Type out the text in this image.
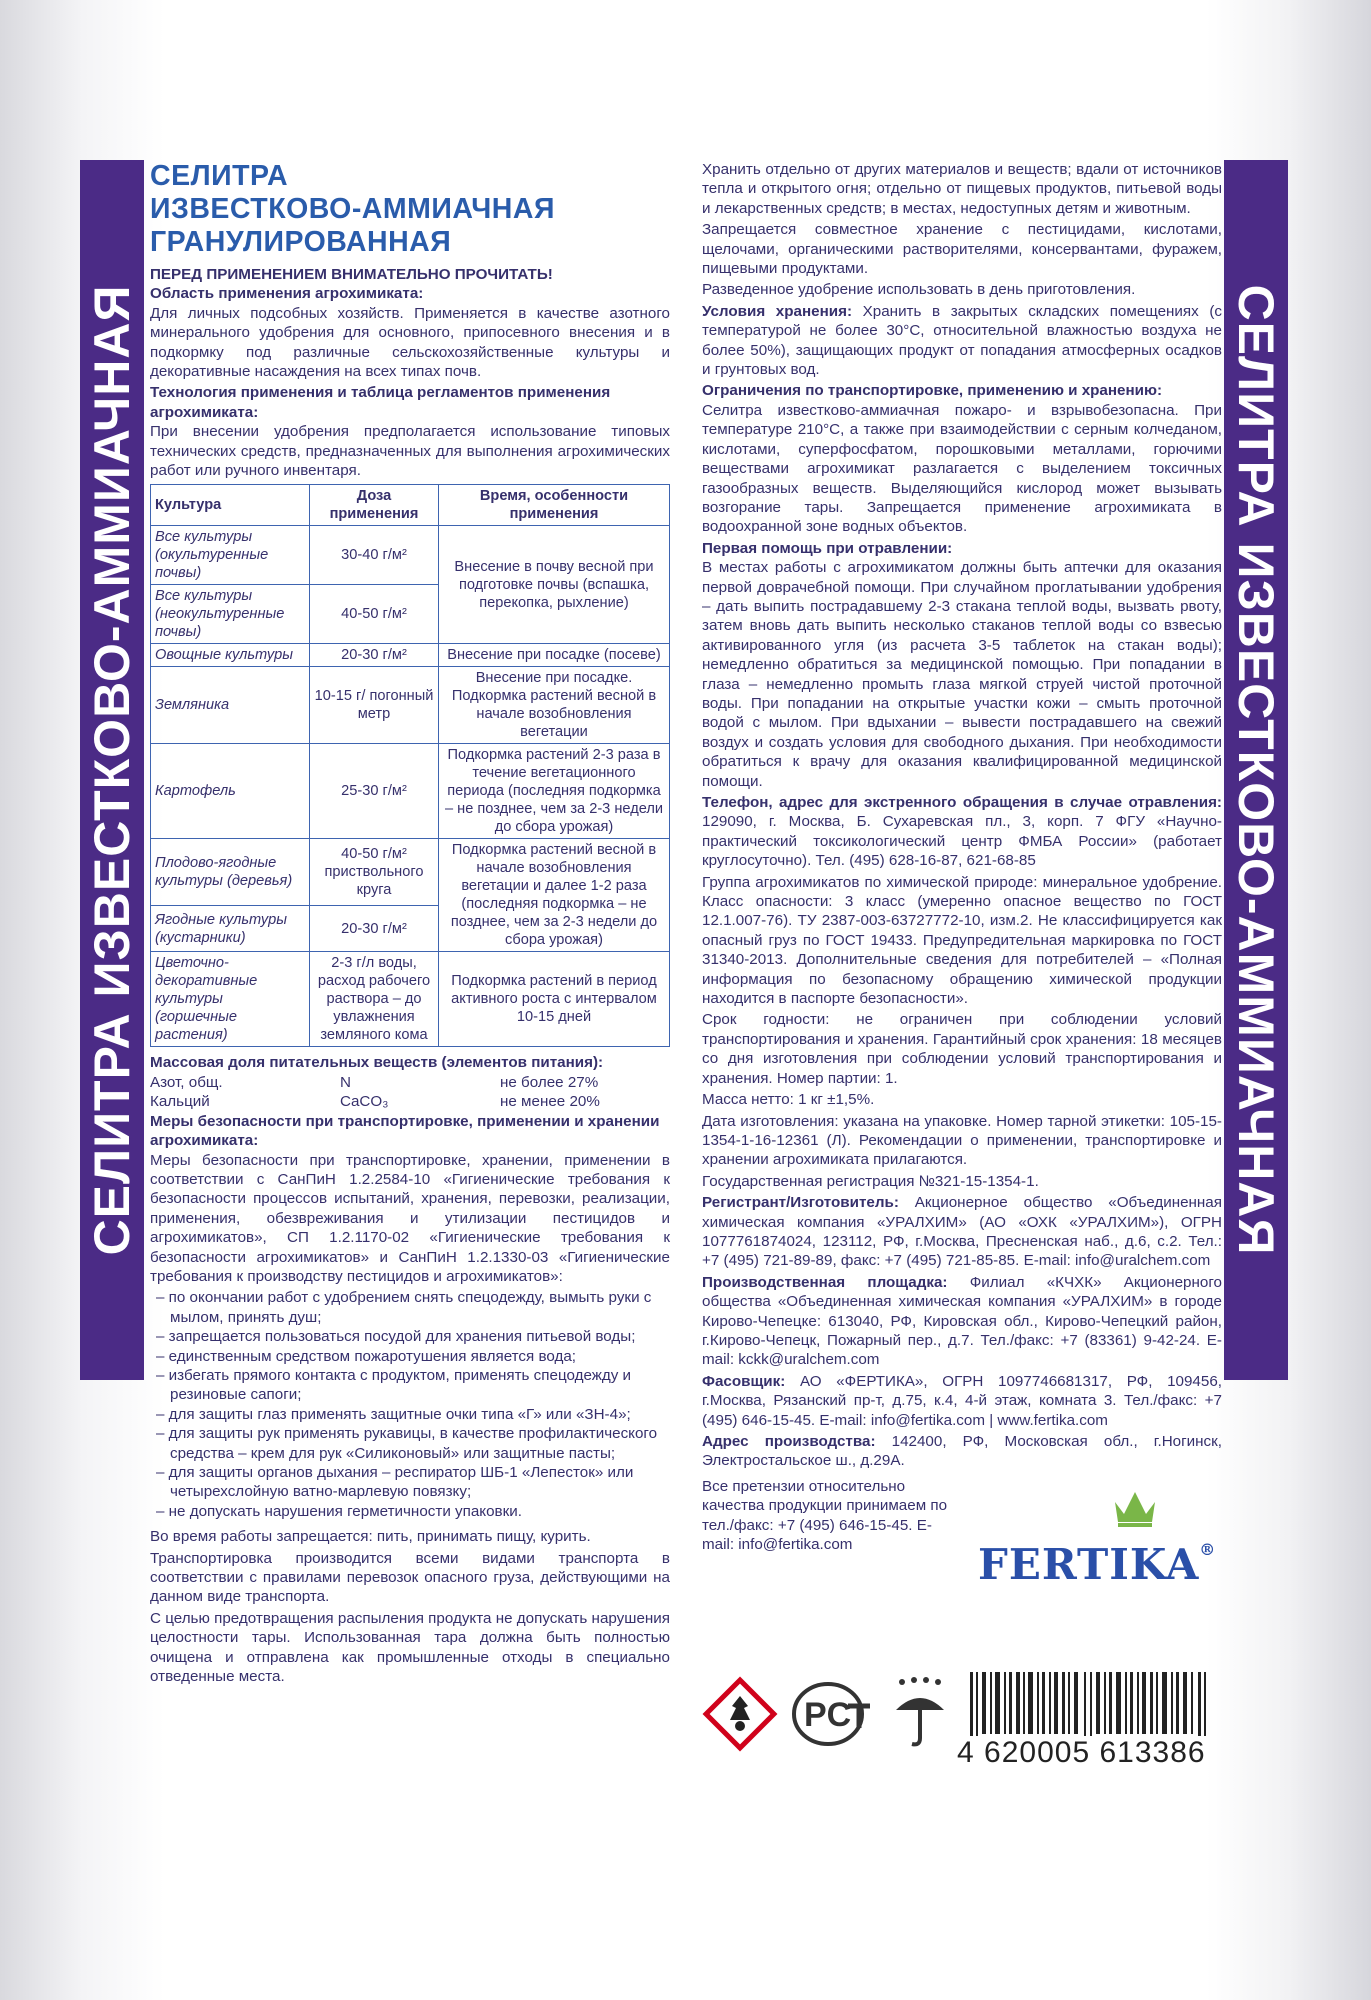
СЕЛИТРА ИЗВЕСТКОВО-АММИАЧНАЯ	СЕЛИТРА ИЗВЕСТКОВО-АММИАЧНАЯ
СЕЛИТРА
ИЗВЕСТКОВО-АММИАЧНАЯ
ГРАНУЛИРОВАННАЯ
ПЕРЕД ПРИМЕНЕНИЕМ ВНИМАТЕЛЬНО ПРОЧИТАТЬ!
Область применения агрохимиката:

Для личных подсобных хозяйств. Применяется в качестве азотного минерального удобрения для основного, припосевного внесения и в подкормку под различные сельскохозяйственные культуры и декоративные насаждения на всех типах почв.

Технология применения и таблица регламентов применения агрохимиката:

При внесении удобрения предполагается использование типовых технических средств, предназначенных для выполнения агрохимических работ или ручного инвентаря.

Культура	Доза применения	Время, особенности применения
Все культуры (окультуренные почвы)	30-40 г/м²	Внесение в почву весной при подготовке почвы (вспашка, перекопка, рыхление)
Все культуры (неокультуренные почвы)	40-50 г/м²	
Овощные культуры	20-30 г/м²	Внесение при посадке (посеве)
Земляника	10-15 г/ погонный метр	Внесение при посадке. Подкормка растений весной в начале возобновления вегетации
Картофель	25-30 г/м²	Подкормка растений 2-3 раза в течение вегетационного периода (последняя подкормка – не позднее, чем за 2-3 недели до сбора урожая)
Плодово-ягодные культуры (деревья)	40-50 г/м² приствольного круга	Подкормка растений весной в начале возобновления вегетации и далее 1-2 раза (последняя подкормка – не позднее, чем за 2-3 недели до сбора урожая)
Ягодные культуры (кустарники)	20-30 г/м²	
Цветочно-декоративные культуры (горшечные растения)	2-3 г/л воды, расход рабочего раствора – до увлажнения земляного кома	Подкормка растений в период активного роста с интервалом 10-15 дней
Массовая доля питательных веществ (элементов питания):
Азот, общ.	N	не более 27%
Кальций	CaCO₃	не менее 20%
Меры безопасности при транспортировке, применении и хранении агрохимиката:

Меры безопасности при транспортировке, хранении, применении в соответствии с СанПиН 1.2.2584-10 «Гигиенические требования к безопасности процессов испытаний, хранения, перевозки, реализации, применения, обезвреживания и утилизации пестицидов и агрохимикатов», СП 1.2.1170-02 «Гигиенические требования к безопасности агрохимикатов» и СанПиН 1.2.1330-03 «Гигиенические требования к производству пестицидов и агрохимикатов»:

– по окончании работ с удобрением снять спецодежду, вымыть руки с мылом, принять душ;
– запрещается пользоваться посудой для хранения питьевой воды;
– единственным средством пожаротушения является вода;
– избегать прямого контакта с продуктом, применять спецодежду и резиновые сапоги;
– для защиты глаз применять защитные очки типа «Г» или «ЗН-4»;
– для защиты рук применять рукавицы, в качестве профилактического средства – крем для рук «Силиконовый» или защитные пасты;
– для защиты органов дыхания – респиратор ШБ-1 «Лепесток» или четырехслойную ватно-марлевую повязку;
– не допускать нарушения герметичности упаковки.

Во время работы запрещается: пить, принимать пищу, курить.

Транспортировка производится всеми видами транспорта в соответствии с правилами перевозок опасного груза, действующими на данном виде транспорта.

С целью предотвращения распыления продукта не допускать нарушения целостности тары. Использованная тара должна быть полностью очищена и отправлена как промышленные отходы в специально отведенные места.

Хранить отдельно от других материалов и веществ; вдали от источников тепла и открытого огня; отдельно от пищевых продуктов, питьевой воды и лекарственных средств; в местах, недоступных детям и животным.

Запрещается совместное хранение с пестицидами, кислотами, щелочами, органическими растворителями, консервантами, фуражем, пищевыми продуктами.

Разведенное удобрение использовать в день приготовления.

Условия хранения: Хранить в закрытых складских помещениях (с температурой не более 30°С, относительной влажностью воздуха не более 50%), защищающих продукт от попадания атмосферных осадков и грунтовых вод.

Ограничения по транспортировке, применению и хранению:

Селитра известково-аммиачная пожаро- и взрывобезопасна. При температуре 210°С, а также при взаимодействии с серным колчеданом, кислотами, суперфосфатом, порошковыми металлами, горючими веществами агрохимикат разлагается с выделением токсичных газообразных веществ. Выделяющийся кислород может вызывать возгорание тары. Запрещается применение агрохимиката в водоохранной зоне водных объектов.

Первая помощь при отравлении:

В местах работы с агрохимикатом должны быть аптечки для оказания первой доврачебной помощи. При случайном проглатывании удобрения – дать выпить пострадавшему 2-3 стакана теплой воды, вызвать рвоту, затем вновь дать выпить несколько стаканов теплой воды со взвесью активированного угля (из расчета 3-5 таблеток на стакан воды); немедленно обратиться за медицинской помощью. При попадании в глаза – немедленно промыть глаза мягкой струей чистой проточной воды. При попадании на открытые участки кожи – смыть проточной водой с мылом. При вдыхании – вывести пострадавшего на свежий воздух и создать условия для свободного дыхания. При необходимости обратиться к врачу для оказания квалифицированной медицинской помощи.

Телефон, адрес для экстренного обращения в случае отравления: 129090, г. Москва, Б. Сухаревская пл., 3, корп. 7 ФГУ «Научно-практический токсикологический центр ФМБА России» (работает круглосуточно). Тел. (495) 628-16-87, 621-68-85

Группа агрохимикатов по химической природе: минеральное удобрение. Класс опасности: 3 класс (умеренно опасное вещество по ГОСТ 12.1.007-76). ТУ 2387-003-63727772-10, изм.2. Не классифицируется как опасный груз по ГОСТ 19433. Предупредительная маркировка по ГОСТ 31340-2013. Дополнительные сведения для потребителей – «Полная информация по безопасному обращению химической продукции находится в паспорте безопасности».

Срок годности: не ограничен при соблюдении условий транспортирования и хранения. Гарантийный срок хранения: 18 месяцев со дня изготовления при соблюдении условий транспортирования и хранения. Номер партии: 1.

Масса нетто: 1 кг ±1,5%.

Дата изготовления: указана на упаковке. Номер тарной этикетки: 105-15-1354-1-16-12361 (Л). Рекомендации о применении, транспортировке и хранении агрохимиката прилагаются.

Государственная регистрация №321-15-1354-1.

Регистрант/Изготовитель: Акционерное общество «Объединенная химическая компания «УРАЛХИМ» (АО «ОХК «УРАЛХИМ»), ОГРН 1077761874024, 123112, РФ, г.Москва, Пресненская наб., д.6, с.2. Тел.: +7 (495) 721-89-89, факс: +7 (495) 721-85-85. E-mail: info@uralchem.com

Производственная площадка: Филиал «КЧХК» Акционерного общества «Объединенная химическая компания «УРАЛХИМ» в городе Кирово-Чепецке: 613040, РФ, Кировская обл., Кирово-Чепецкий район, г.Кирово-Чепецк, Пожарный пер., д.7. Тел./факс: +7 (83361) 9-42-24. E-mail: kckk@uralchem.com

Фасовщик: АО «ФЕРТИКА», ОГРН 1097746681317, РФ, 109456, г.Москва, Рязанский пр-т, д.75, к.4, 4-й этаж, комната 3. Тел./факс: +7 (495) 646-15-45. E-mail: info@fertika.com | www.fertika.com

Адрес производства: 142400, РФ, Московская обл., г.Ногинск, Электростальское ш., д.29А.

Все претензии относительно качества продукции принимаем по тел./факс: +7 (495) 646-15-45. E-mail: info@fertika.com	FERTIKA®
PC
4 620005 613386
